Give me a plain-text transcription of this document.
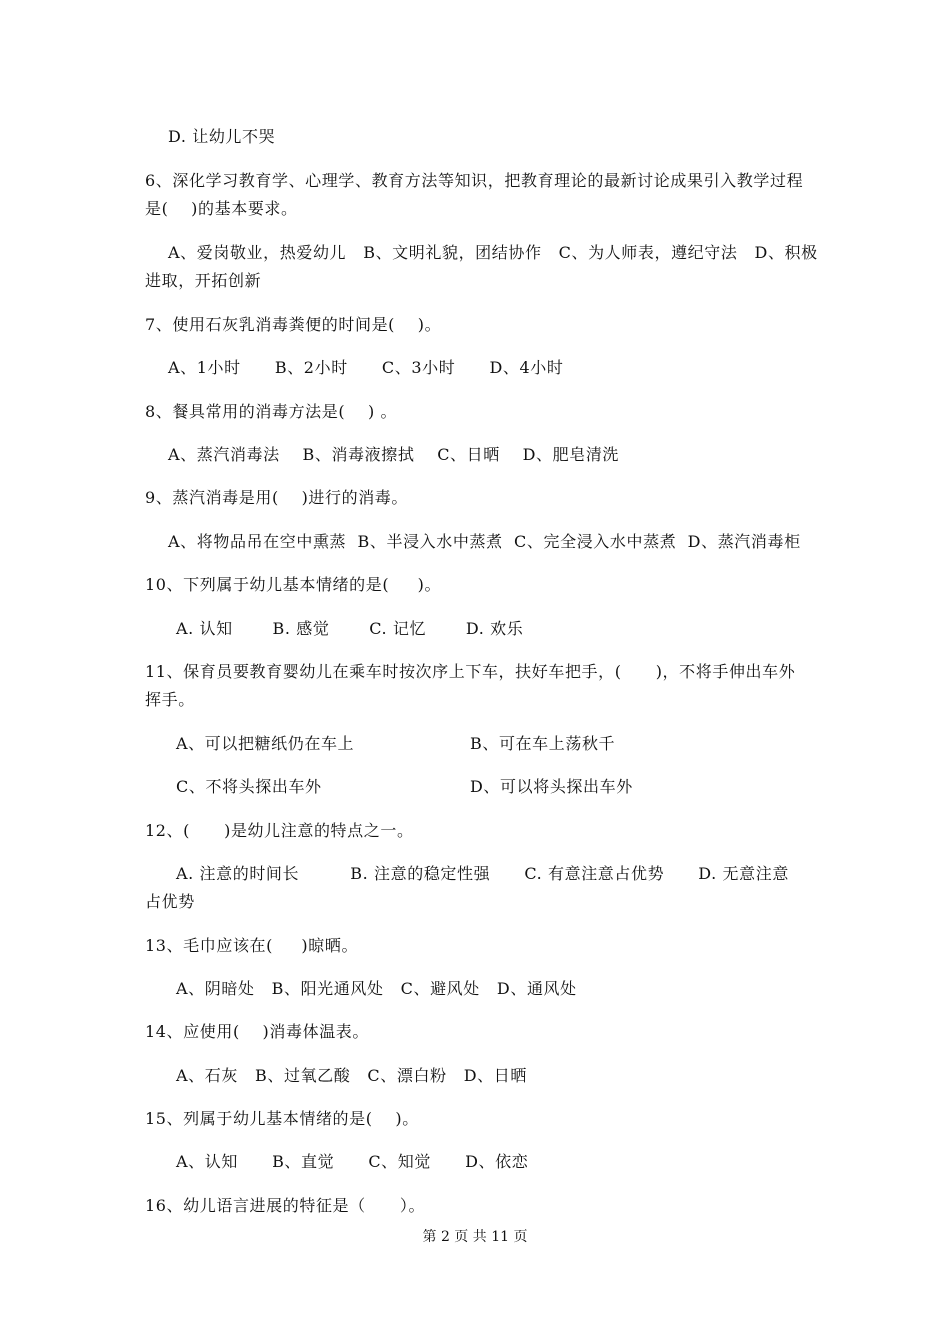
D. 让幼儿不哭
6、深化学习教育学、心理学、教育方法等知识，把教育理论的最新讨论成果引入教学过程
是(    )的基本要求。
A、爱岗敬业，热爱幼儿   B、文明礼貌，团结协作   C、为人师表，遵纪守法   D、积极
进取，开拓创新
7、使用石灰乳消毒粪便的时间是(    )。
A、1小时      B、2小时      C、3小时      D、4小时
8、餐具常用的消毒方法是(    ) 。
A、蒸汽消毒法    B、消毒液擦拭    C、日晒    D、肥皂清洗
9、蒸汽消毒是用(    )进行的消毒。
A、将物品吊在空中熏蒸  B、半浸入水中蒸煮  C、完全浸入水中蒸煮  D、蒸汽消毒柜
10、下列属于幼儿基本情绪的是(     )。
A. 认知       B. 感觉       C. 记忆       D. 欢乐
11、保育员要教育婴幼儿在乘车时按次序上下车，扶好车把手，(      )，不将手伸出车外
挥手。
A、可以把糖纸仍在车上	B、可在车上荡秋千
C、不将头探出车外	D、可以将头探出车外
12、(      )是幼儿注意的特点之一。
A. 注意的时间长         B. 注意的稳定性强      C. 有意注意占优势      D. 无意注意
占优势
13、毛巾应该在(     )晾晒。
A、阴暗处   B、阳光通风处   C、避风处   D、通风处
14、应使用(    )消毒体温表。
A、石灰   B、过氧乙酸   C、漂白粉   D、日晒
15、列属于幼儿基本情绪的是(    )。
A、认知      B、直觉      C、知觉      D、依恋
16、幼儿语言进展的特征是（      ）。
第 2 页 共 11 页
